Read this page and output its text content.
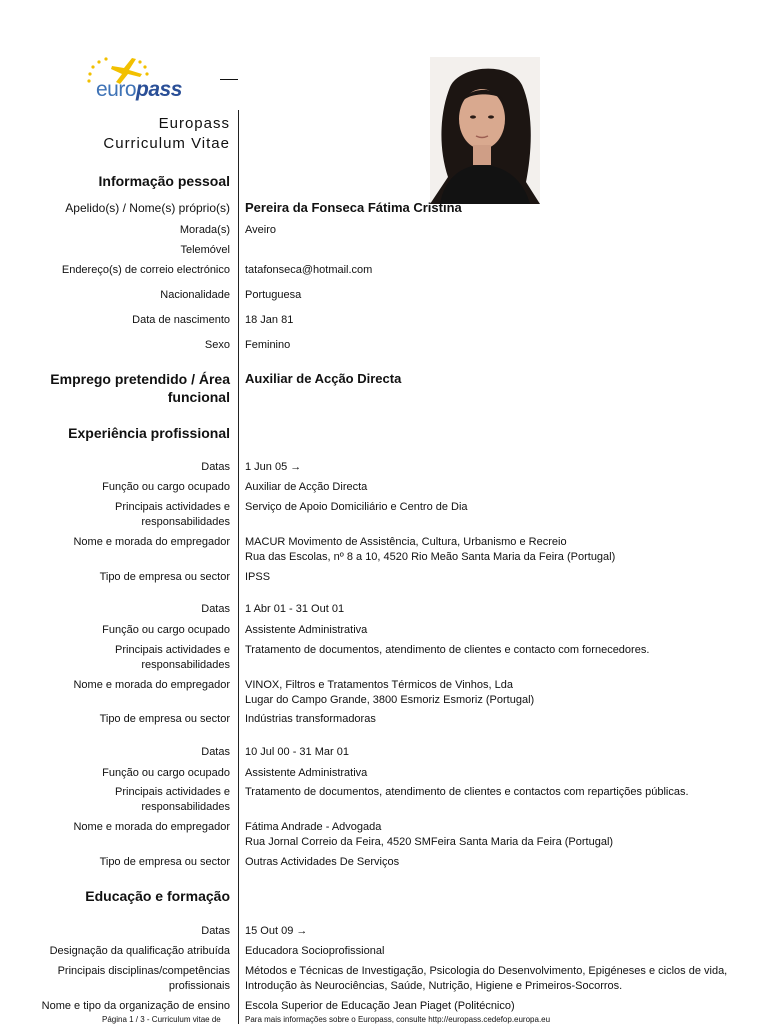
europass
Europass
Curriculum Vitae
Informação pessoal
Apelido(s) / Nome(s) próprio(s) Pereira da Fonseca Fátima Cristina
Morada(s) Aveiro
Telemóvel
Endereço(s) de correio electrónico tatafonseca@hotmail.com
Nacionalidade Portuguesa
Data de nascimento 18 Jan 81
Sexo Feminino
Emprego pretendido / Área
funcional
Auxiliar de Acção Directa
Experiência profissional
Datas 1 Jun 05 →
Função ou cargo ocupado Auxiliar de Acção Directa
Principais actividades e
responsabilidades
Serviço de Apoio Domiciliário e Centro de Dia
Nome e morada do empregador MACUR Movimento de Assistência, Cultura, Urbanismo e Recreio
Rua das Escolas, nº 8 a 10, 4520 Rio Meão Santa Maria da Feira (Portugal)
Tipo de empresa ou sector IPSS
Datas 1 Abr 01 - 31 Out 01
Função ou cargo ocupado Assistente Administrativa
Principais actividades e
responsabilidades
Tratamento de documentos, atendimento de clientes e contacto com fornecedores.
Nome e morada do empregador VINOX, Filtros e Tratamentos Térmicos de Vinhos, Lda
Lugar do Campo Grande, 3800 Esmoriz Esmoriz (Portugal)
Tipo de empresa ou sector Indústrias transformadoras
Datas 10 Jul 00 - 31 Mar 01
Função ou cargo ocupado Assistente Administrativa
Principais actividades e
responsabilidades
Tratamento de documentos, atendimento de clientes e contactos com repartições públicas.
Nome e morada do empregador Fátima Andrade - Advogada
Rua Jornal Correio da Feira, 4520 SMFeira Santa Maria da Feira (Portugal)
Tipo de empresa ou sector Outras Actividades De Serviços
Educação e formação
Datas 15 Out 09 →
Designação da qualificação atribuída Educadora Socioprofissional
Principais disciplinas/competências
profissionais
Métodos e Técnicas de Investigação, Psicologia do Desenvolvimento, Epigéneses e ciclos de vida,
Introdução às Neurociências, Saúde, Nutrição, Higiene e Primeiros-Socorros.
Nome e tipo da organização de ensino Escola Superior de Educação Jean Piaget (Politécnico)
Página 1 / 3 - Curriculum vitae de	Para mais informações sobre o Europass, consulte http://europass.cedefop.europa.eu
